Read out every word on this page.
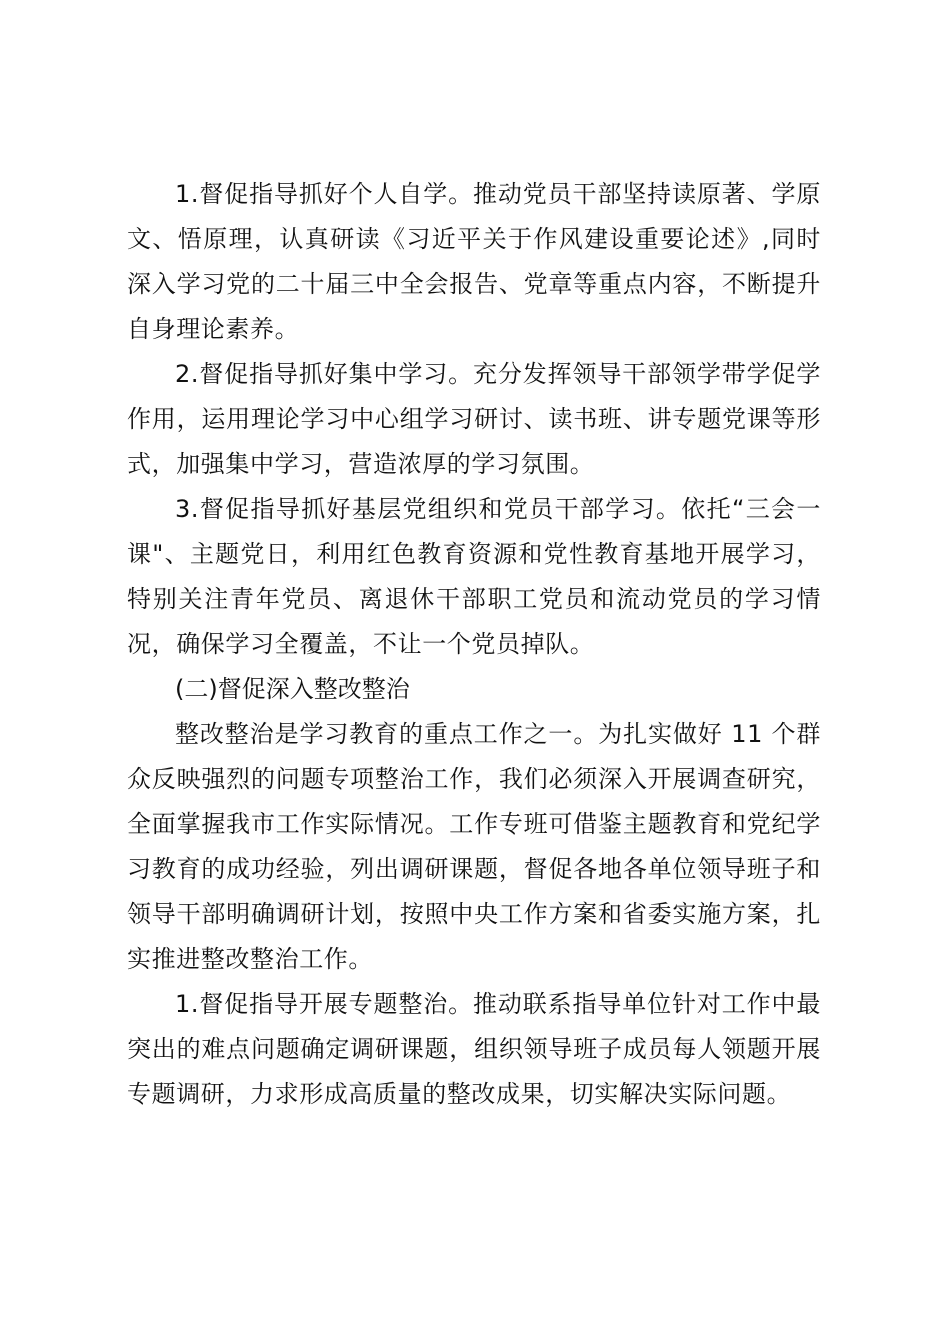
1.督促指导抓好个人自学。推动党员干部坚持读原著、学原文、悟原理，认真研读《习近平关于作风建设重要论述》,同时深入学习党的二十届三中全会报告、党章等重点内容，不断提升自身理论素养。

2.督促指导抓好集中学习。充分发挥领导干部领学带学促学作用，运用理论学习中心组学习研讨、读书班、讲专题党课等形式，加强集中学习，营造浓厚的学习氛围。

3.督促指导抓好基层党组织和党员干部学习。依托“三会一课"、主题党日，利用红色教育资源和党性教育基地开展学习，特别关注青年党员、离退休干部职工党员和流动党员的学习情况，确保学习全覆盖，不让一个党员掉队。

(二)督促深入整改整治

整改整治是学习教育的重点工作之一。为扎实做好 11 个群众反映强烈的问题专项整治工作，我们必须深入开展调查研究，全面掌握我市工作实际情况。工作专班可借鉴主题教育和党纪学习教育的成功经验，列出调研课题，督促各地各单位领导班子和领导干部明确调研计划，按照中央工作方案和省委实施方案，扎实推进整改整治工作。

1.督促指导开展专题整治。推动联系指导单位针对工作中最突出的难点问题确定调研课题，组织领导班子成员每人领题开展专题调研，力求形成高质量的整改成果，切实解决实际问题。
